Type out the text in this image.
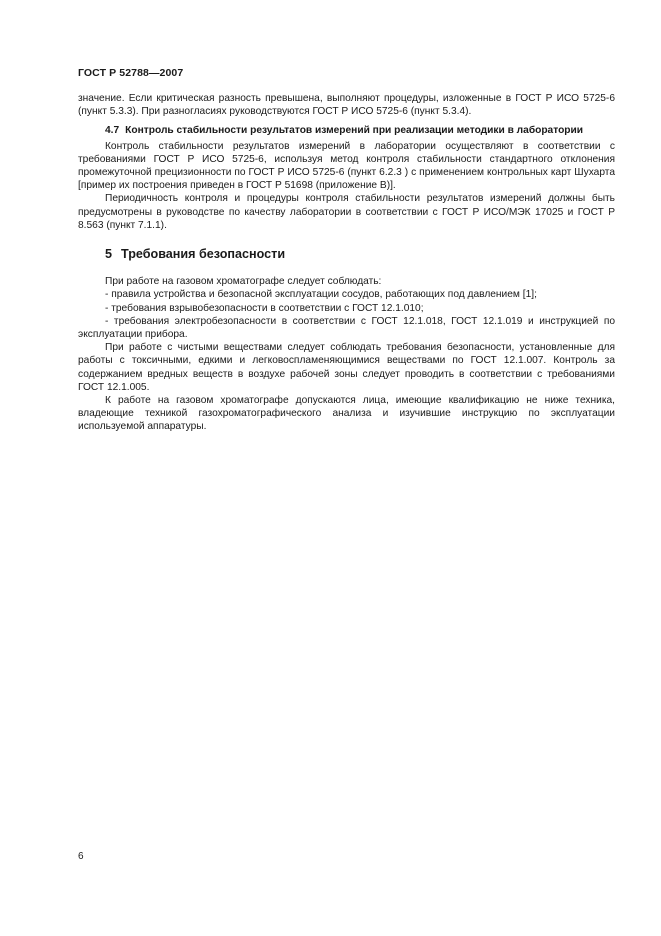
ГОСТ Р 52788—2007

значение. Если критическая разность превышена, выполняют процедуры, изложенные в ГОСТ Р ИСО 5725-6 (пункт 5.3.3). При разногласиях руководствуются ГОСТ Р ИСО 5725-6 (пункт 5.3.4).

4.7 Контроль стабильности результатов измерений при реализации методики в лаборатории

Контроль стабильности результатов измерений в лаборатории осуществляют в соответствии с требованиями ГОСТ Р ИСО 5725-6, используя метод контроля стабильности стандартного отклонения промежуточной прецизионности по ГОСТ Р ИСО 5725-6 (пункт 6.2.3 ) с применением контрольных карт Шухарта [пример их построения приведен в ГОСТ Р 51698 (приложение В)].

Периодичность контроля и процедуры контроля стабильности результатов измерений должны быть предусмотрены в руководстве по качеству лаборатории в соответствии с ГОСТ Р ИСО/МЭК 17025 и ГОСТ Р 8.563 (пункт 7.1.1).

5 Требования безопасности

При работе на газовом хроматографе следует соблюдать:

- правила устройства и безопасной эксплуатации сосудов, работающих под давлением [1];

- требования взрывобезопасности в соответствии с ГОСТ 12.1.010;

- требования электробезопасности в соответствии с ГОСТ 12.1.018, ГОСТ 12.1.019 и инструкцией по эксплуатации прибора.

При работе с чистыми веществами следует соблюдать требования безопасности, установленные для работы с токсичными, едкими и легковоспламеняющимися веществами по ГОСТ 12.1.007. Контроль за содержанием вредных веществ в воздухе рабочей зоны следует проводить в соответствии с требованиями ГОСТ 12.1.005.

К работе на газовом хроматографе допускаются лица, имеющие квалификацию не ниже техника, владеющие техникой газохроматографического анализа и изучившие инструкцию по эксплуатации используемой аппаратуры.

6
